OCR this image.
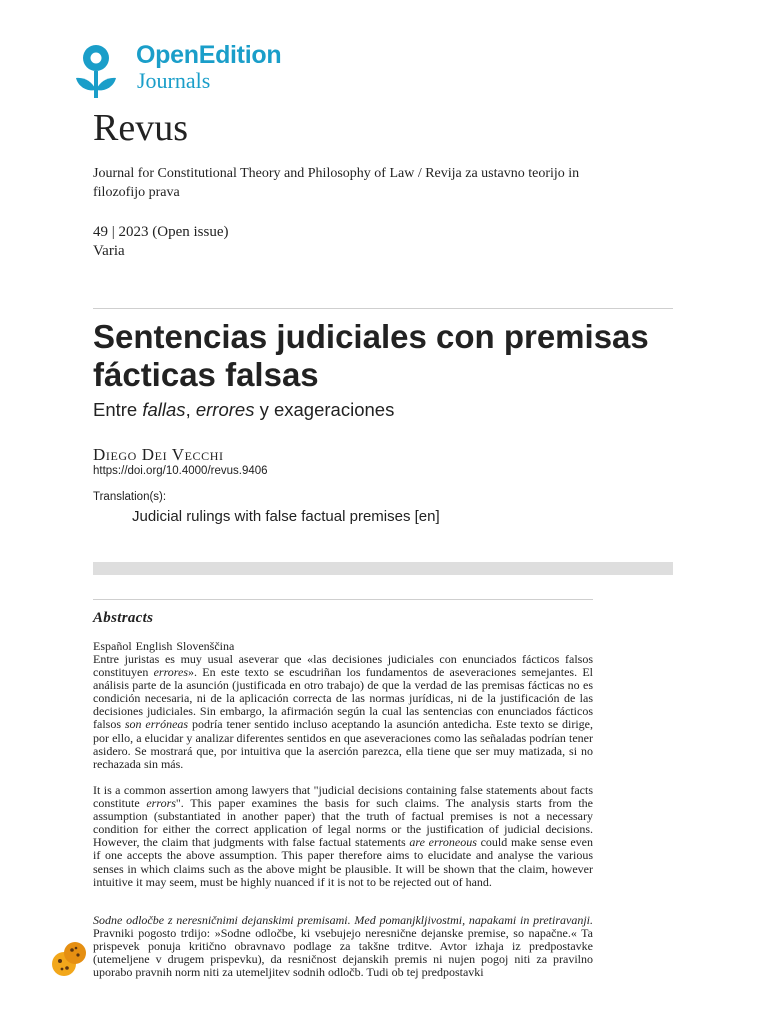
OpenEdition
Journals
Revus
Journal for Constitutional Theory and Philosophy of Law / Revija za ustavno teorijo in filozofijo prava
49 | 2023 (Open issue)
Varia
Sentencias judiciales con premisas fácticas falsas
Entre fallas, errores y exageraciones
Diego Dei Vecchi
https://doi.org/10.4000/revus.9406
Translation(s):
Judicial rulings with false factual premises [en]
Abstracts
Español English Slovenščina

Entre juristas es muy usual aseverar que «las decisiones judiciales con enunciados fácticos falsos constituyen errores». En este texto se escudriñan los fundamentos de aseveraciones semejantes. El análisis parte de la asunción (justificada en otro trabajo) de que la verdad de las premisas fácticas no es condición necesaria, ni de la aplicación correcta de las normas jurídicas, ni de la justificación de las decisiones judiciales. Sin embargo, la afirmación según la cual las sentencias con enunciados fácticos falsos son erróneas podría tener sentido incluso aceptando la asunción antedicha. Este texto se dirige, por ello, a elucidar y analizar diferentes sentidos en que aseveraciones como las señaladas podrían tener asidero. Se mostrará que, por intuitiva que la aserción parezca, ella tiene que ser muy matizada, si no rechazada sin más.

It is a common assertion among lawyers that "judicial decisions containing false statements about facts constitute errors". This paper examines the basis for such claims. The analysis starts from the assumption (substantiated in another paper) that the truth of factual premises is not a necessary condition for either the correct application of legal norms or the justification of judicial decisions. However, the claim that judgments with false factual statements are erroneous could make sense even if one accepts the above assumption. This paper therefore aims to elucidate and analyse the various senses in which claims such as the above might be plausible. It will be shown that the claim, however intuitive it may seem, must be highly nuanced if it is not to be rejected out of hand.

Sodne odločbe z neresničnimi dejanskimi premisami. Med pomanjkljivostmi, napakami in pretiravanji. Pravniki pogosto trdijo: »Sodne odločbe, ki vsebujejo neresnične dejanske premise, so napačne.« Ta prispevek ponuja kritično obravnavo podlage za takšne trditve. Avtor izhaja iz predpostavke (utemeljene v drugem prispevku), da resničnost dejanskih premis ni nujen pogoj niti za pravilno uporabo pravnih norm niti za utemeljitev sodnih odločb. Tudi ob tej predpostavki
